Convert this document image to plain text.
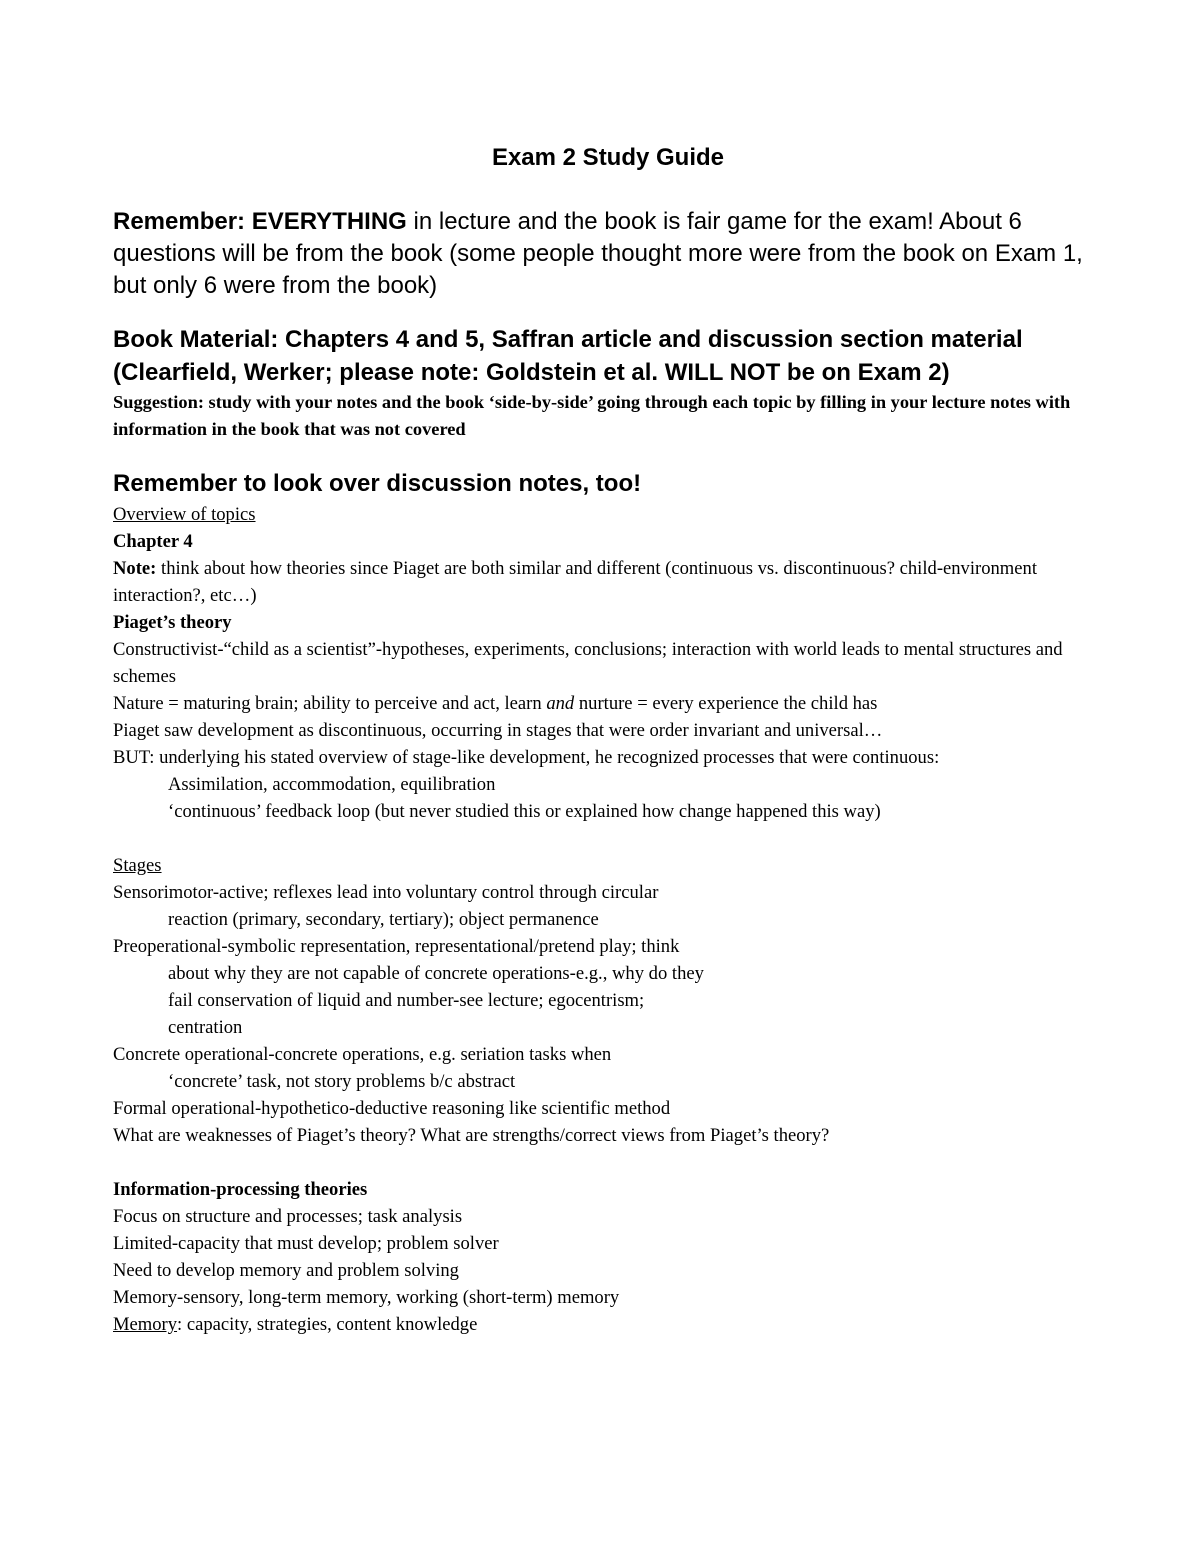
Exam 2 Study Guide

Remember: EVERYTHING in lecture and the book is fair game for the exam! About 6 questions will be from the book (some people thought more were from the book on Exam 1, but only 6 were from the book)

Book Material: Chapters 4 and 5, Saffran article and discussion section material (Clearfield, Werker; please note: Goldstein et al. WILL NOT be on Exam 2)

Suggestion: study with your notes and the book ‘side-by-side’ going through each topic by filling in your lecture notes with information in the book that was not covered

Remember to look over discussion notes, too!

Overview of topics

Chapter 4

Note: think about how theories since Piaget are both similar and different (continuous vs. discontinuous? child-environment interaction?, etc…)

Piaget’s theory

Constructivist-“child as a scientist”-hypotheses, experiments, conclusions; interaction with world leads to mental structures and schemes

Nature = maturing brain; ability to perceive and act, learn and nurture = every experience the child has

Piaget saw development as discontinuous, occurring in stages that were order invariant and universal…

BUT: underlying his stated overview of stage-like development, he recognized processes that were continuous:

Assimilation, accommodation, equilibration

‘continuous’ feedback loop (but never studied this or explained how change happened this way)

Stages

Sensorimotor-active; reflexes lead into voluntary control through circular

reaction (primary, secondary, tertiary); object permanence

Preoperational-symbolic representation, representational/pretend play; think

about why they are not capable of concrete operations-e.g., why do they

fail conservation of liquid and number-see lecture; egocentrism;

centration

Concrete operational-concrete operations, e.g. seriation tasks when

‘concrete’ task, not story problems b/c abstract

Formal operational-hypothetico-deductive reasoning like scientific method

What are weaknesses of Piaget’s theory? What are strengths/correct views from Piaget’s theory?

Information-processing theories

Focus on structure and processes; task analysis

Limited-capacity that must develop; problem solver

Need to develop memory and problem solving

Memory-sensory, long-term memory, working (short-term) memory

Memory: capacity, strategies, content knowledge
